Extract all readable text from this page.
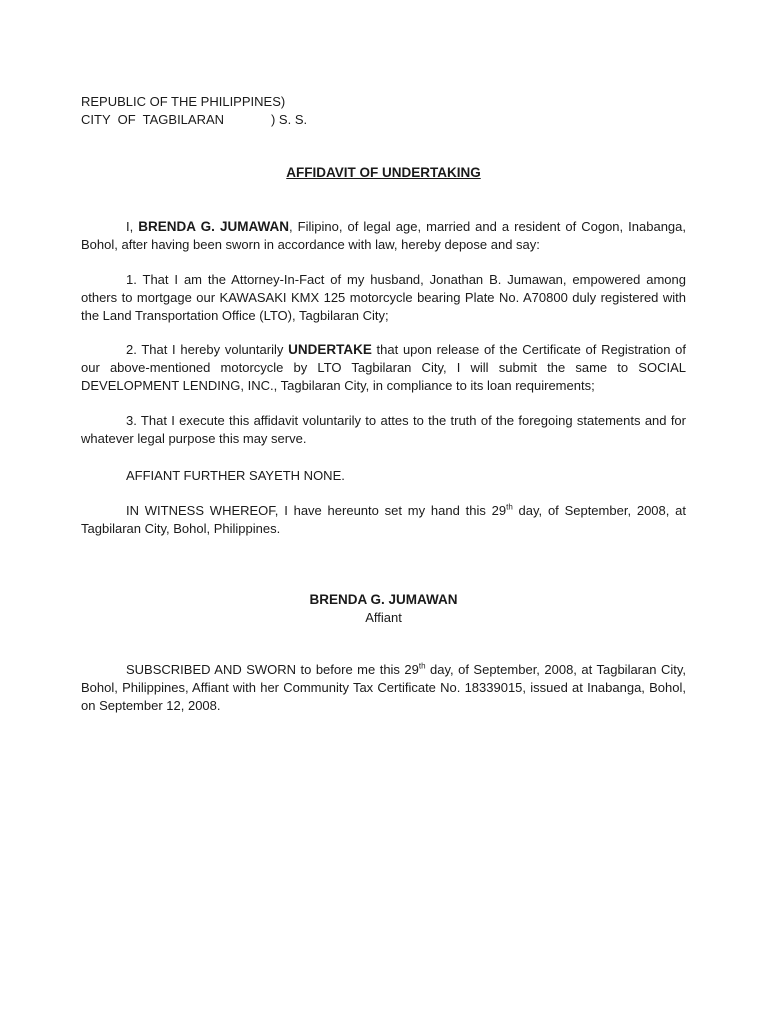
REPUBLIC OF THE PHILIPPINES)
CITY  OF  TAGBILARAN             ) S. S.
AFFIDAVIT OF UNDERTAKING

I, BRENDA G. JUMAWAN, Filipino, of legal age, married and a resident of Cogon, Inabanga, Bohol, after having been sworn in accordance with law, hereby depose and say:

1. That I am the Attorney-In-Fact of my husband, Jonathan B. Jumawan, empowered among others to mortgage our KAWASAKI KMX 125 motorcycle bearing Plate No. A70800 duly registered with the Land Transportation Office (LTO), Tagbilaran City;

2. That I hereby voluntarily UNDERTAKE that upon release of the Certificate of Registration of our above-mentioned motorcycle by LTO Tagbilaran City, I will submit the same to SOCIAL DEVELOPMENT LENDING, INC., Tagbilaran City, in compliance to its loan requirements;

3. That I execute this affidavit voluntarily to attes to the truth of the foregoing statements and for whatever legal purpose this may serve.

AFFIANT FURTHER SAYETH NONE.

IN WITNESS WHEREOF, I have hereunto set my hand this 29th day, of September, 2008, at Tagbilaran City, Bohol, Philippines.

BRENDA G. JUMAWAN
Affiant

SUBSCRIBED AND SWORN to before me this 29th day, of September, 2008, at Tagbilaran City, Bohol, Philippines, Affiant with her Community Tax Certificate No. 18339015, issued at Inabanga, Bohol, on September 12, 2008.
